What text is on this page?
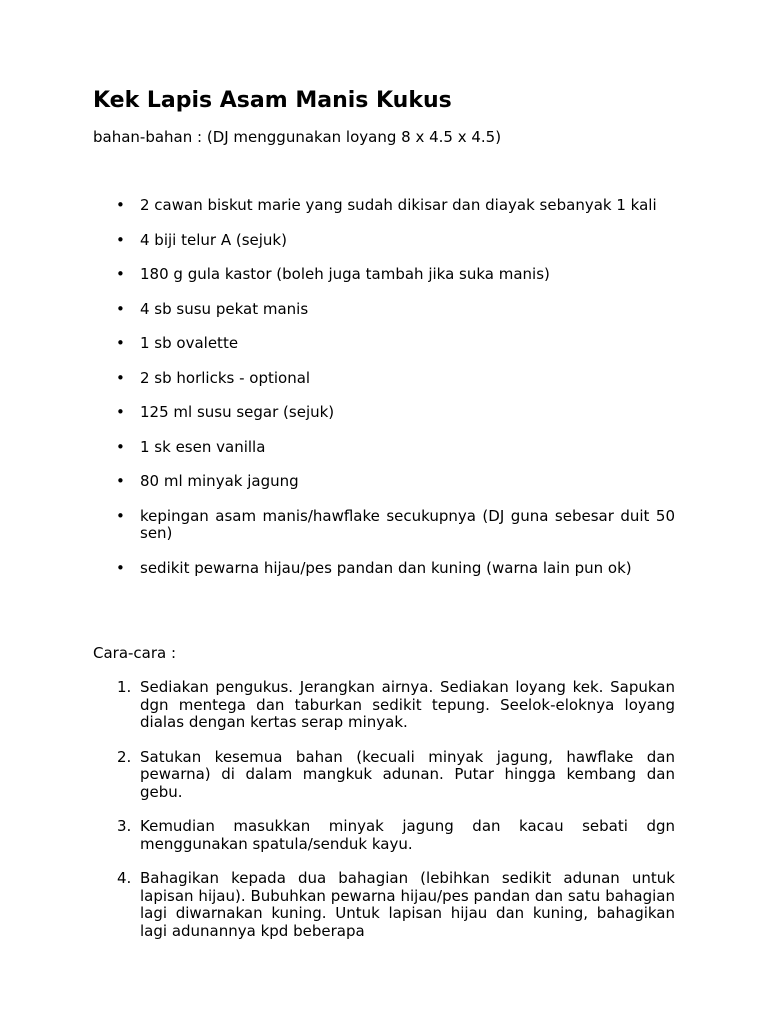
Kek Lapis Asam Manis Kukus

bahan-bahan : (DJ menggunakan loyang 8 x 4.5 x 4.5)

• 2 cawan biskut marie yang sudah dikisar dan diayak sebanyak 1 kali
• 4 biji telur A (sejuk)
• 180 g gula kastor (boleh juga tambah jika suka manis)
• 4 sb susu pekat manis
• 1 sb ovalette
• 2 sb horlicks - optional
• 125 ml susu segar (sejuk)
• 1 sk esen vanilla
• 80 ml minyak jagung
• kepingan asam manis/hawflake secukupnya (DJ guna sebesar duit 50 sen)
• sedikit pewarna hijau/pes pandan dan kuning (warna lain pun ok)

Cara-cara :

1. Sediakan pengukus. Jerangkan airnya. Sediakan loyang kek. Sapukan dgn mentega dan taburkan sedikit tepung. Seelok-eloknya loyang dialas dengan kertas serap minyak.
2. Satukan kesemua bahan (kecuali minyak jagung, hawflake dan pewarna) di dalam mangkuk adunan. Putar hingga kembang dan gebu.
3. Kemudian masukkan minyak jagung dan kacau sebati dgn menggunakan spatula/senduk kayu.
4. Bahagikan kepada dua bahagian (lebihkan sedikit adunan untuk lapisan hijau). Bubuhkan pewarna hijau/pes pandan dan satu bahagian lagi diwarnakan kuning. Untuk lapisan hijau dan kuning, bahagikan lagi adunannya kpd beberapa
